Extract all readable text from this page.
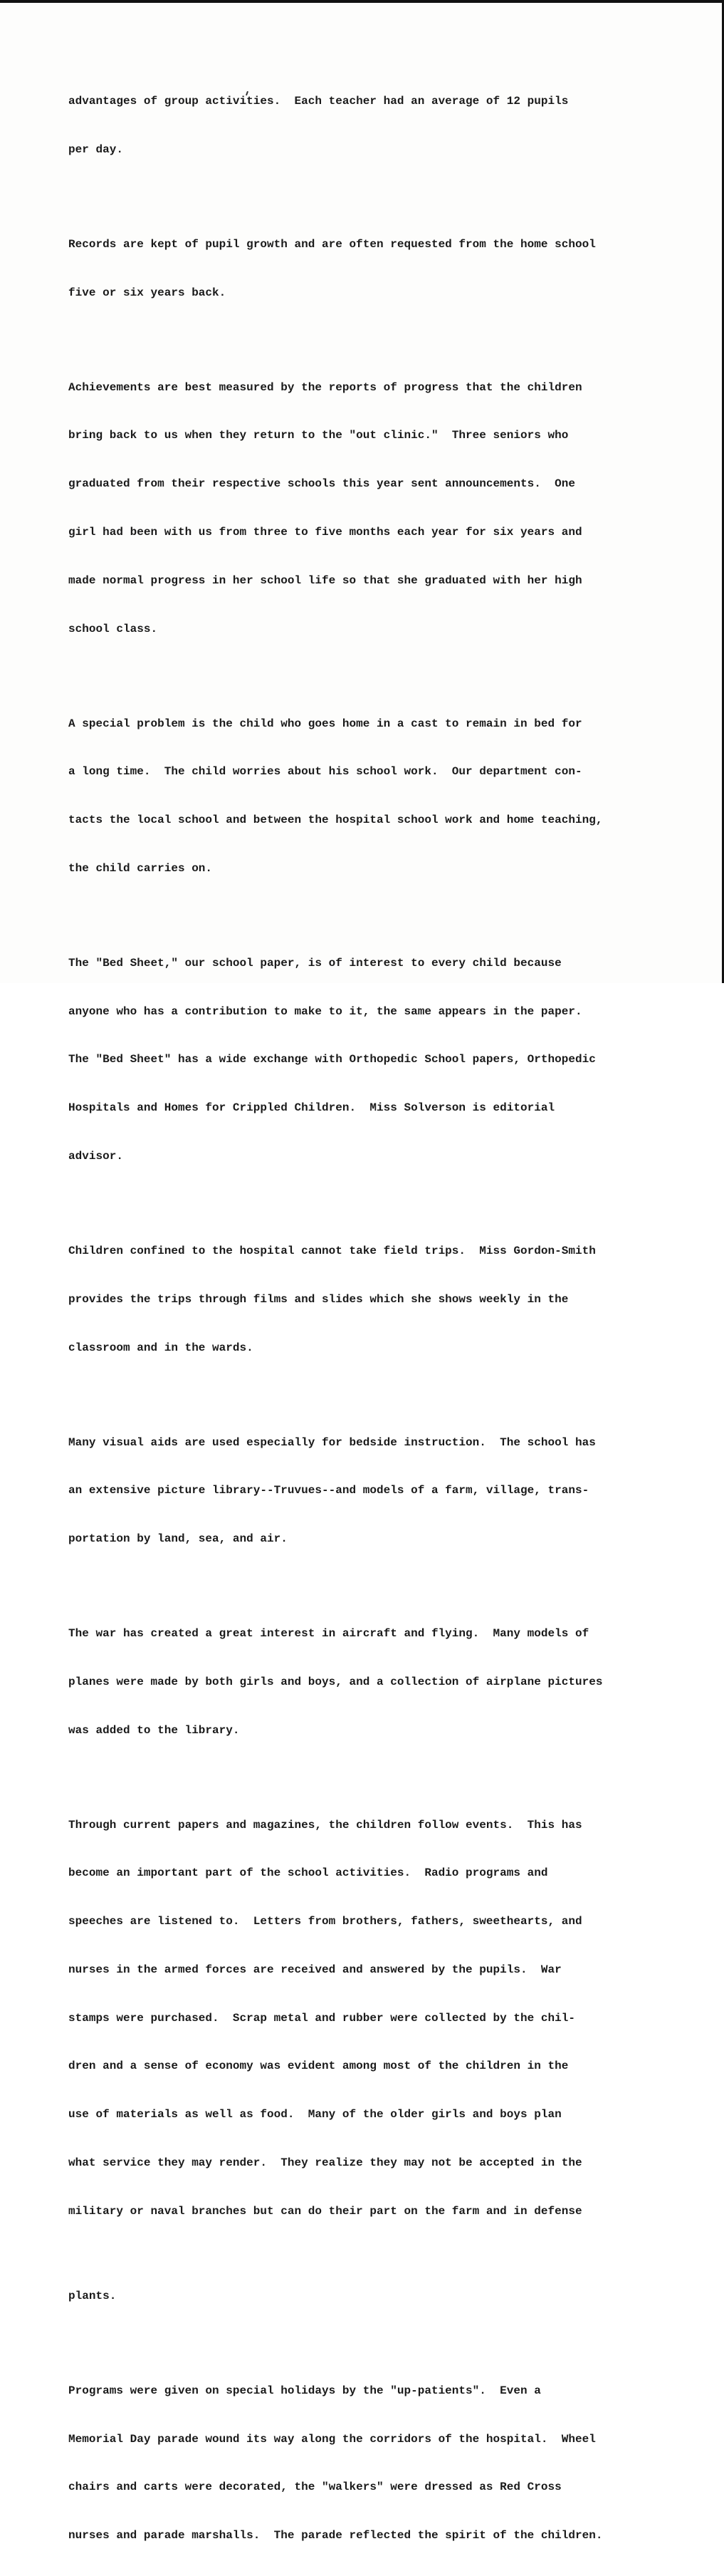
advantages of group activities.  Each teacher had an average of 12 pupils

per day.

Records are kept of pupil growth and are often requested from the home school

five or six years back.

Achievements are best measured by the reports of progress that the children

bring back to us when they return to the "out clinic."  Three seniors who

graduated from their respective schools this year sent announcements.  One

girl had been with us from three to five months each year for six years and

made normal progress in her school life so that she graduated with her high

school class.

A special problem is the child who goes home in a cast to remain in bed for

a long time.  The child worries about his school work.  Our department con-

tacts the local school and between the hospital school work and home teaching,

the child carries on.

The "Bed Sheet," our school paper, is of interest to every child because

anyone who has a contribution to make to it, the same appears in the paper.

The "Bed Sheet" has a wide exchange with Orthopedic School papers, Orthopedic

Hospitals and Homes for Crippled Children.  Miss Solverson is editorial

advisor.

Children confined to the hospital cannot take field trips.  Miss Gordon-Smith

provides the trips through films and slides which she shows weekly in the

classroom and in the wards.

Many visual aids are used especially for bedside instruction.  The school has

an extensive picture library--Truvues--and models of a farm, village, trans-

portation by land, sea, and air.

The war has created a great interest in aircraft and flying.  Many models of

planes were made by both girls and boys, and a collection of airplane pictures

was added to the library.

Through current papers and magazines, the children follow events.  This has

become an important part of the school activities.  Radio programs and

speeches are listened to.  Letters from brothers, fathers, sweethearts, and

nurses in the armed forces are received and answered by the pupils.  War

stamps were purchased.  Scrap metal and rubber were collected by the chil-

dren and a sense of economy was evident among most of the children in the

use of materials as well as food.  Many of the older girls and boys plan

what service they may render.  They realize they may not be accepted in the

military or naval branches but can do their part on the farm and in defense

plants.

Programs were given on special holidays by the "up-patients".  Even a

Memorial Day parade wound its way along the corridors of the hospital.  Wheel

chairs and carts were decorated, the "walkers" were dressed as Red Cross

nurses and parade marshalls.  The parade reflected the spirit of the children.
